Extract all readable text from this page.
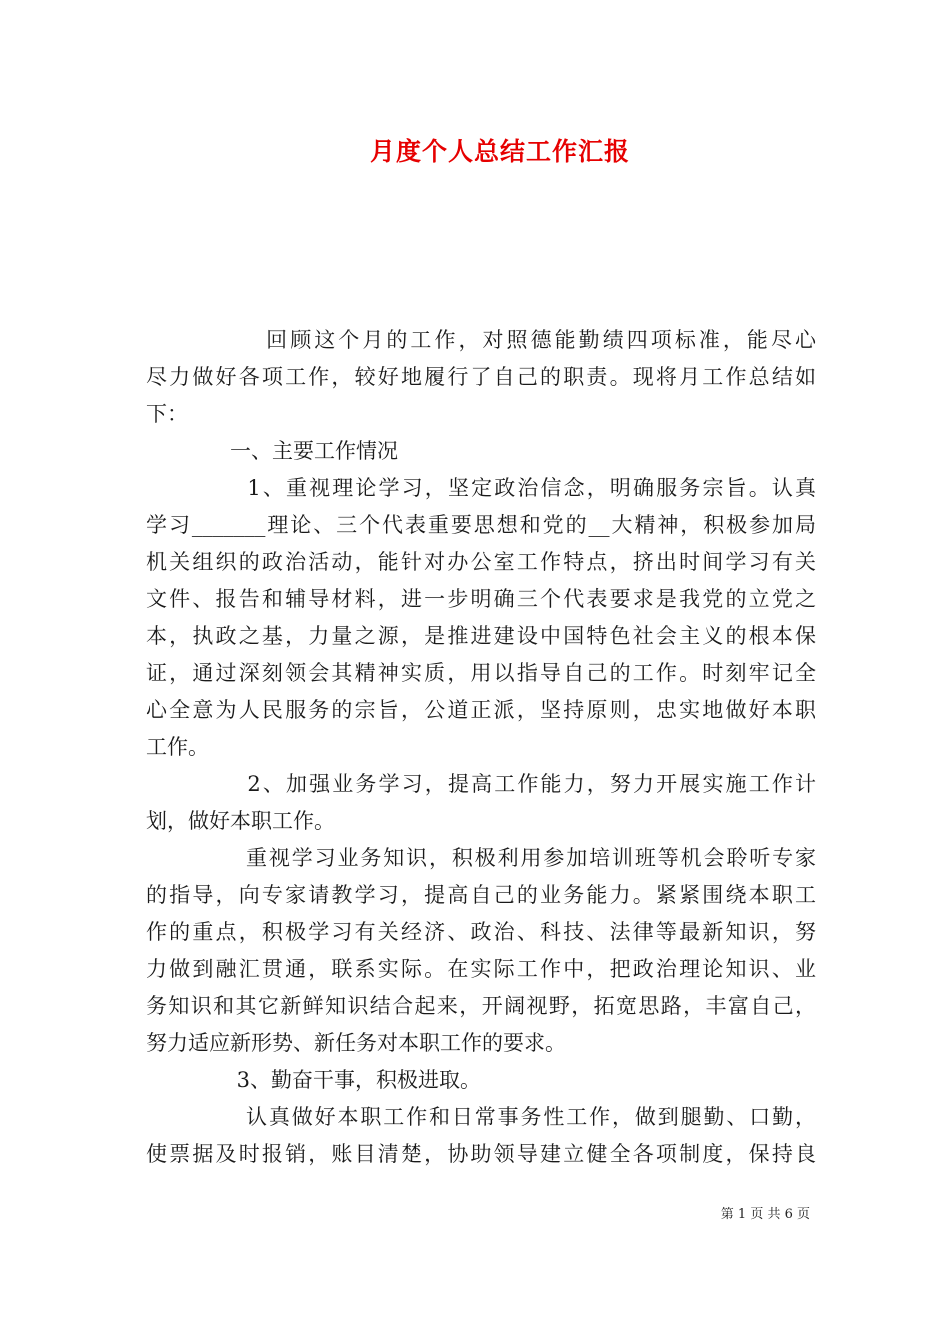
月度个人总结工作汇报
　　　　　回顾这个月的工作，对照德能勤绩四项标准，能尽心
尽力做好各项工作，较好地履行了自己的职责。现将月工作总结如
下：
　　　　一、主要工作情况
　　　　 1、重视理论学习，坚定政治信念，明确服务宗旨。认真
学习_______理论、三个代表重要思想和党的__大精神，积极参加局
机关组织的政治活动，能针对办公室工作特点，挤出时间学习有关
文件、报告和辅导材料，进一步明确三个代表要求是我党的立党之
本，执政之基，力量之源，是推进建设中国特色社会主义的根本保
证，通过深刻领会其精神实质，用以指导自己的工作。时刻牢记全
心全意为人民服务的宗旨，公道正派，坚持原则，忠实地做好本职
工作。
　　　　 2、加强业务学习，提高工作能力，努力开展实施工作计
划，做好本职工作。
　　　　 重视学习业务知识，积极利用参加培训班等机会聆听专家
的指导，向专家请教学习，提高自己的业务能力。紧紧围绕本职工
作的重点，积极学习有关经济、政治、科技、法律等最新知识，努
力做到融汇贯通，联系实际。在实际工作中，把政治理论知识、业
务知识和其它新鲜知识结合起来，开阔视野，拓宽思路，丰富自己，
努力适应新形势、新任务对本职工作的要求。
　　　　 3、勤奋干事，积极进取。
　　　　 认真做好本职工作和日常事务性工作，做到腿勤、口勤，
使票据及时报销，账目清楚，协助领导建立健全各项制度，保持良
第 1 页 共 6 页
